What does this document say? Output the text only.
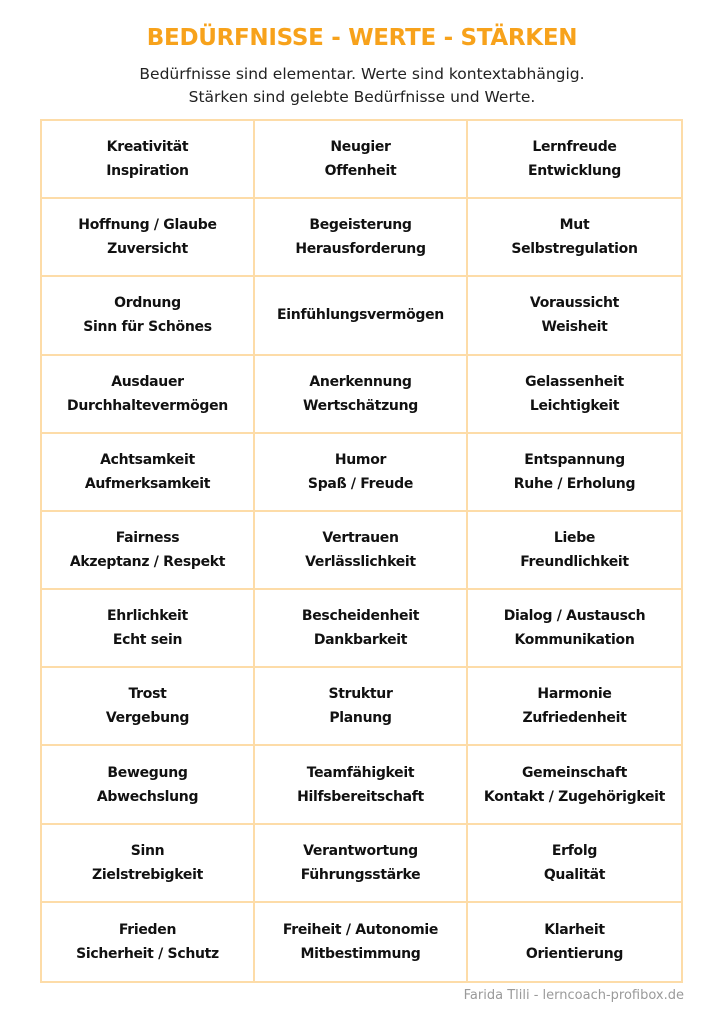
BEDÜRFNISSE - WERTE - STÄRKEN
Bedürfnisse sind elementar. Werte sind kontextabhängig.
Stärken sind gelebte Bedürfnisse und Werte.
Kreativität
Inspiration
Neugier
Offenheit
Lernfreude
Entwicklung
Hoffnung / Glaube
Zuversicht
Begeisterung
Herausforderung
Mut
Selbstregulation
Ordnung
Sinn für Schönes
Einfühlungsvermögen
Voraussicht
Weisheit
Ausdauer
Durchhaltevermögen
Anerkennung
Wertschätzung
Gelassenheit
Leichtigkeit
Achtsamkeit
Aufmerksamkeit
Humor
Spaß / Freude
Entspannung
Ruhe / Erholung
Fairness
Akzeptanz / Respekt
Vertrauen
Verlässlichkeit
Liebe
Freundlichkeit
Ehrlichkeit
Echt sein
Bescheidenheit
Dankbarkeit
Dialog / Austausch
Kommunikation
Trost
Vergebung
Struktur
Planung
Harmonie
Zufriedenheit
Bewegung
Abwechslung
Teamfähigkeit
Hilfsbereitschaft
Gemeinschaft
Kontakt / Zugehörigkeit
Sinn
Zielstrebigkeit
Verantwortung
Führungsstärke
Erfolg
Qualität
Frieden
Sicherheit / Schutz
Freiheit / Autonomie
Mitbestimmung
Klarheit
Orientierung
Farida Tlili - lerncoach-profibox.de
